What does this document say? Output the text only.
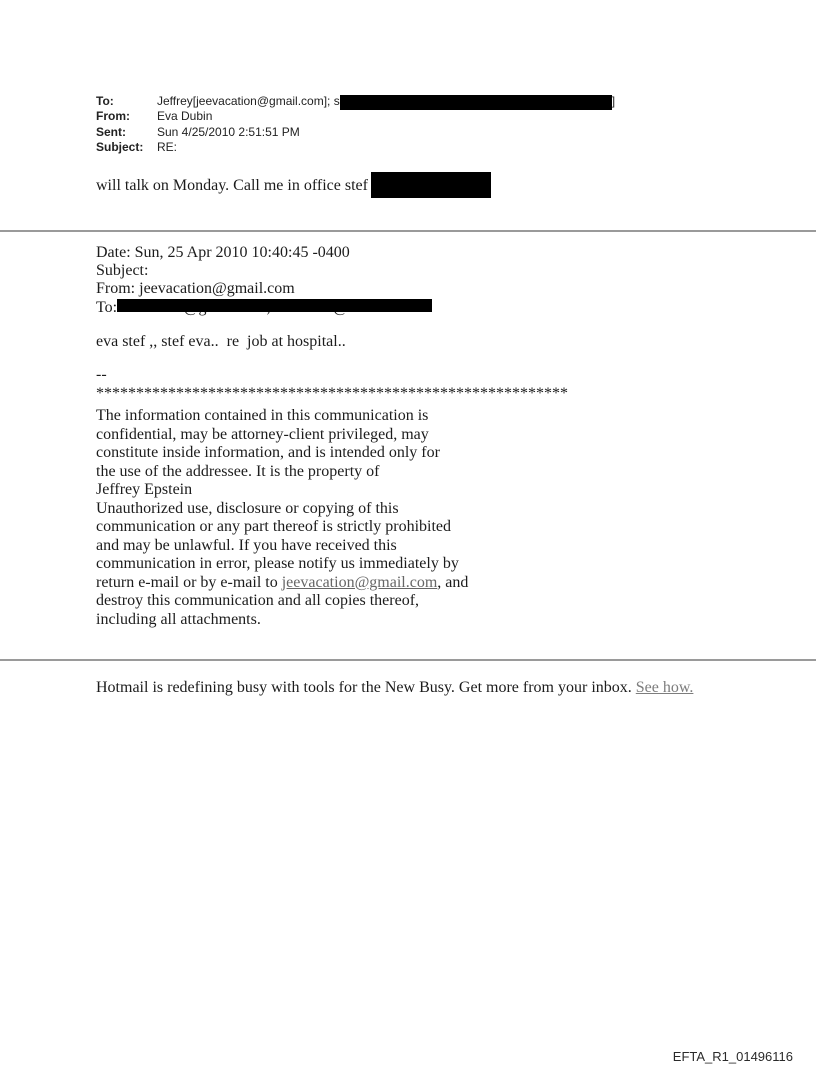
To:	Jeffrey[jeevacation@gmail.com]; s	]
From: Eva Dubin
Sent:	Sun 4/25/2010 2:51:51 PM
Subject: RE:
will talk on Monday. Call me in office stef
Date: Sun, 25 Apr 2010 10:40:45 -0400
Subject:
From: jeevacation@gmail.com
To:
eva stef ,, stef eva..  re  job at hospital..
--
***********************************************************
The information contained in this communication is
confidential, may be attorney-client privileged, may
constitute inside information, and is intended only for
the use of the addressee. It is the property of
Jeffrey Epstein
Unauthorized use, disclosure or copying of this
communication or any part thereof is strictly prohibited
and may be unlawful. If you have received this
communication in error, please notify us immediately by
return e-mail or by e-mail to jeevacation@gmail.com, and
destroy this communication and all copies thereof,
including all attachments.
Hotmail is redefining busy with tools for the New Busy. Get more from your inbox. See how.
EFTA_R1_01496116
